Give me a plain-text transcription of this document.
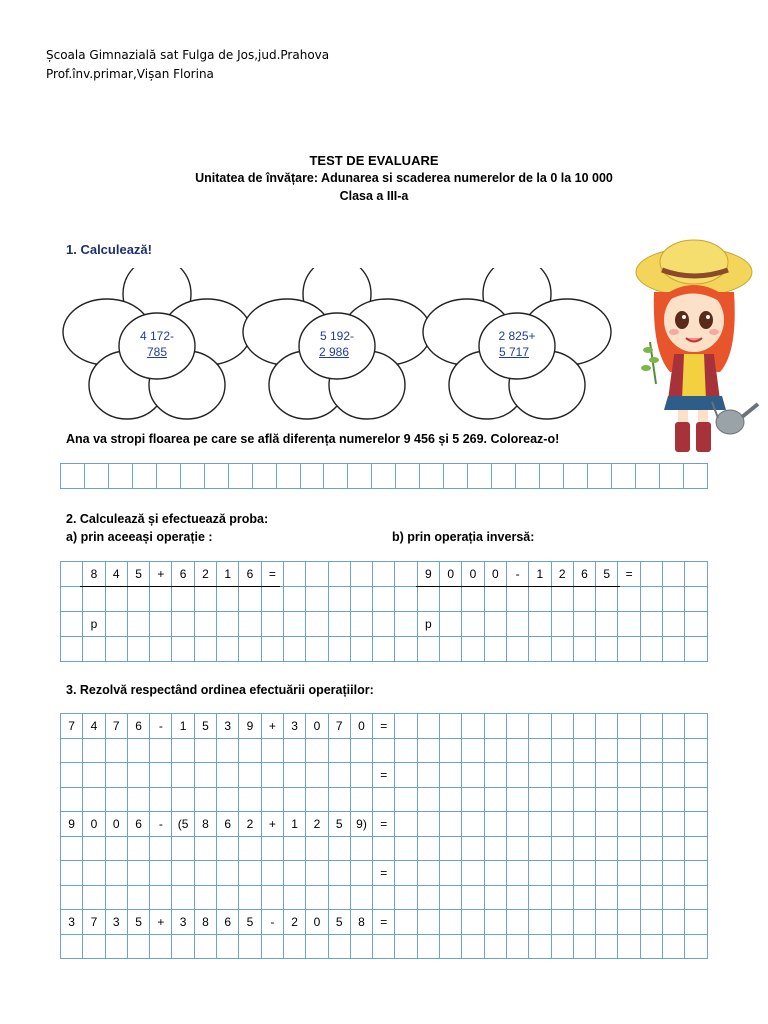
Școala Gimnazială sat Fulga de Jos,jud.Prahova
Prof.înv.primar,Vișan Florina
TEST DE EVALUARE
Unitatea de învățare: Adunarea si scaderea numerelor de la 0 la 10 000
Clasa a III-a
1. Calculează!
4 172-
785
5 192-
2 986
2 825+
5 717
Ana va stropi floarea pe care se află diferența numerelor 9 456 și 5 269. Coloreaz-o!

2. Calculează și efectuează proba:
a) prin aceeași operație :	b) prin operația inversă:
	8	4	5	+	6	2	1	6	=							9	0	0	0	-	1	2	6	5	=			

	p															p												

3. Rezolvă respectând ordinea efectuării operațiilor:
7	4	7	6	-	1	5	3	9	+	3	0	7	0	=														

														=														

9	0	0	6	-	(5	8	6	2	+	1	2	5	9)	=														

														=														

3	7	3	5	+	3	8	6	5	-	2	0	5	8	=														
